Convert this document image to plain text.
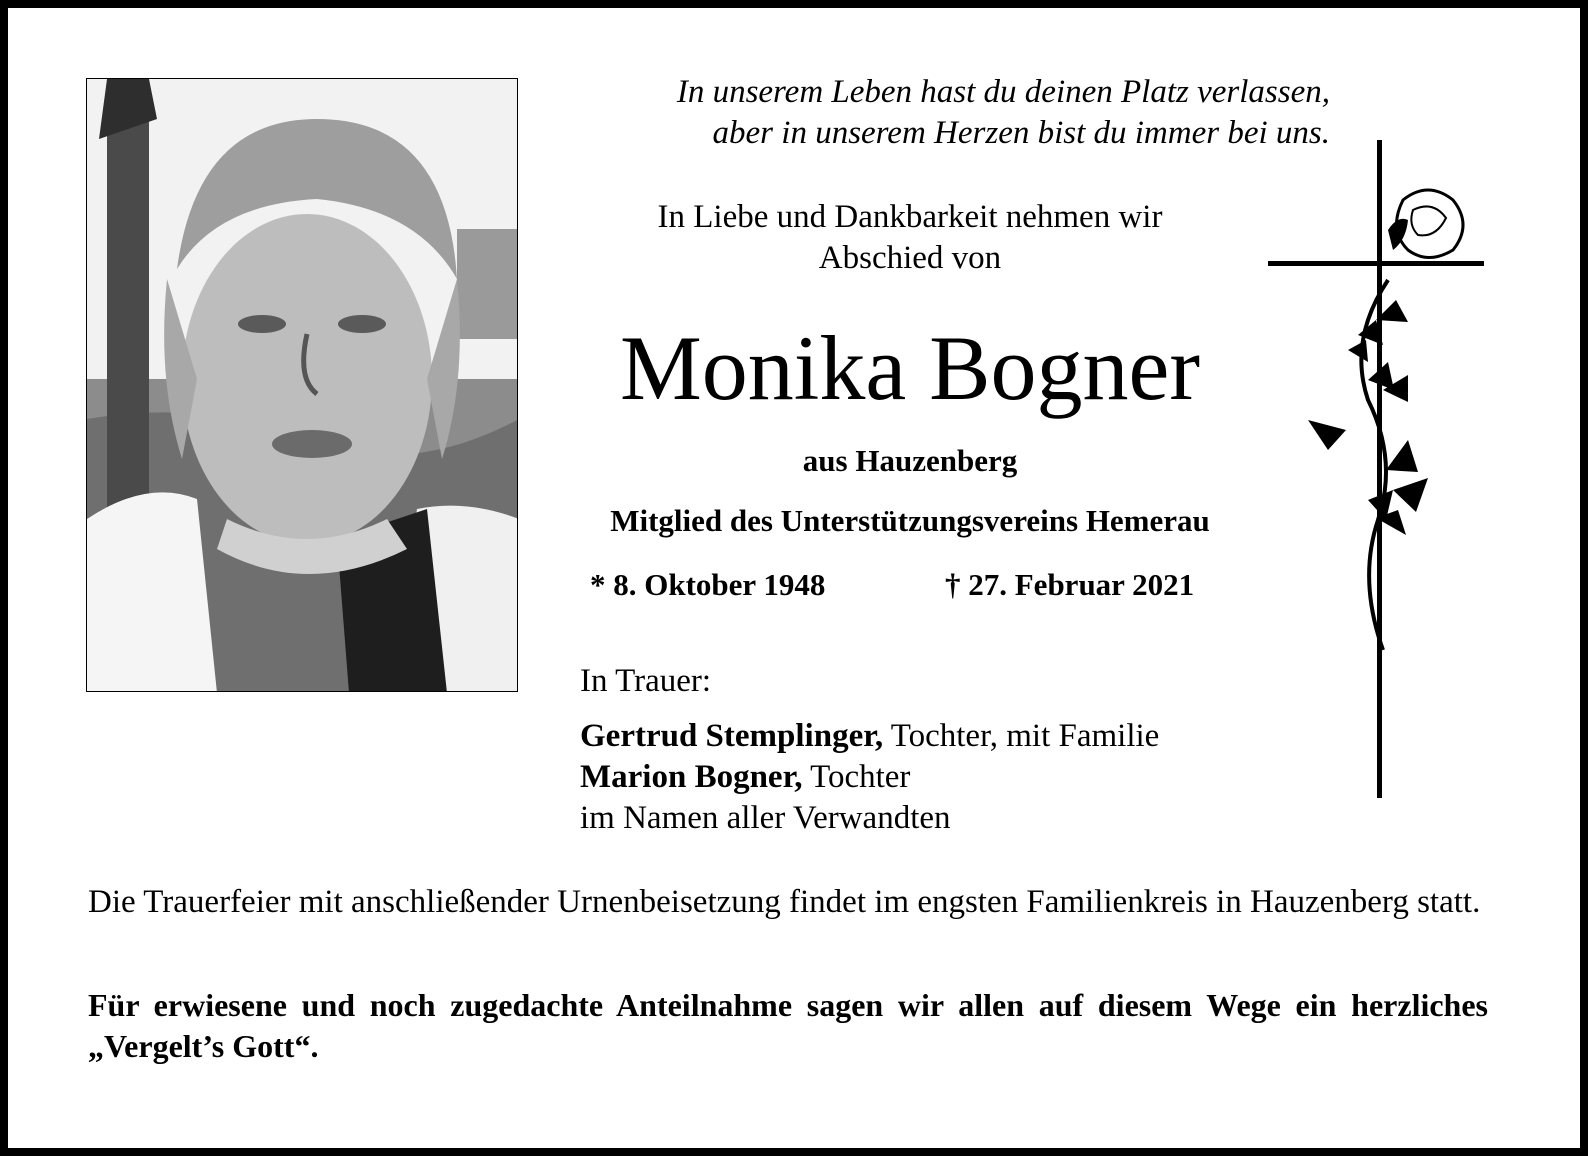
In unserem Leben hast du deinen Platz verlassen,
aber in unserem Herzen bist du immer bei uns.
In Liebe und Dankbarkeit nehmen wir
Abschied von
Monika Bogner
aus Hauzenberg
Mitglied des Unterstützungsvereins Hemerau
* 8. Oktober 1948	† 27. Februar 2021
In Trauer:
Gertrud Stemplinger, Tochter, mit Familie
Marion Bogner, Tochter
im Namen aller Verwandten
Die Trauerfeier mit anschließender Urnenbeisetzung findet im engsten Familienkreis in Hauzenberg statt.
Für erwiesene und noch zugedachte Anteilnahme sagen wir allen auf diesem Wege ein herzliches „Vergelt’s Gott“.
